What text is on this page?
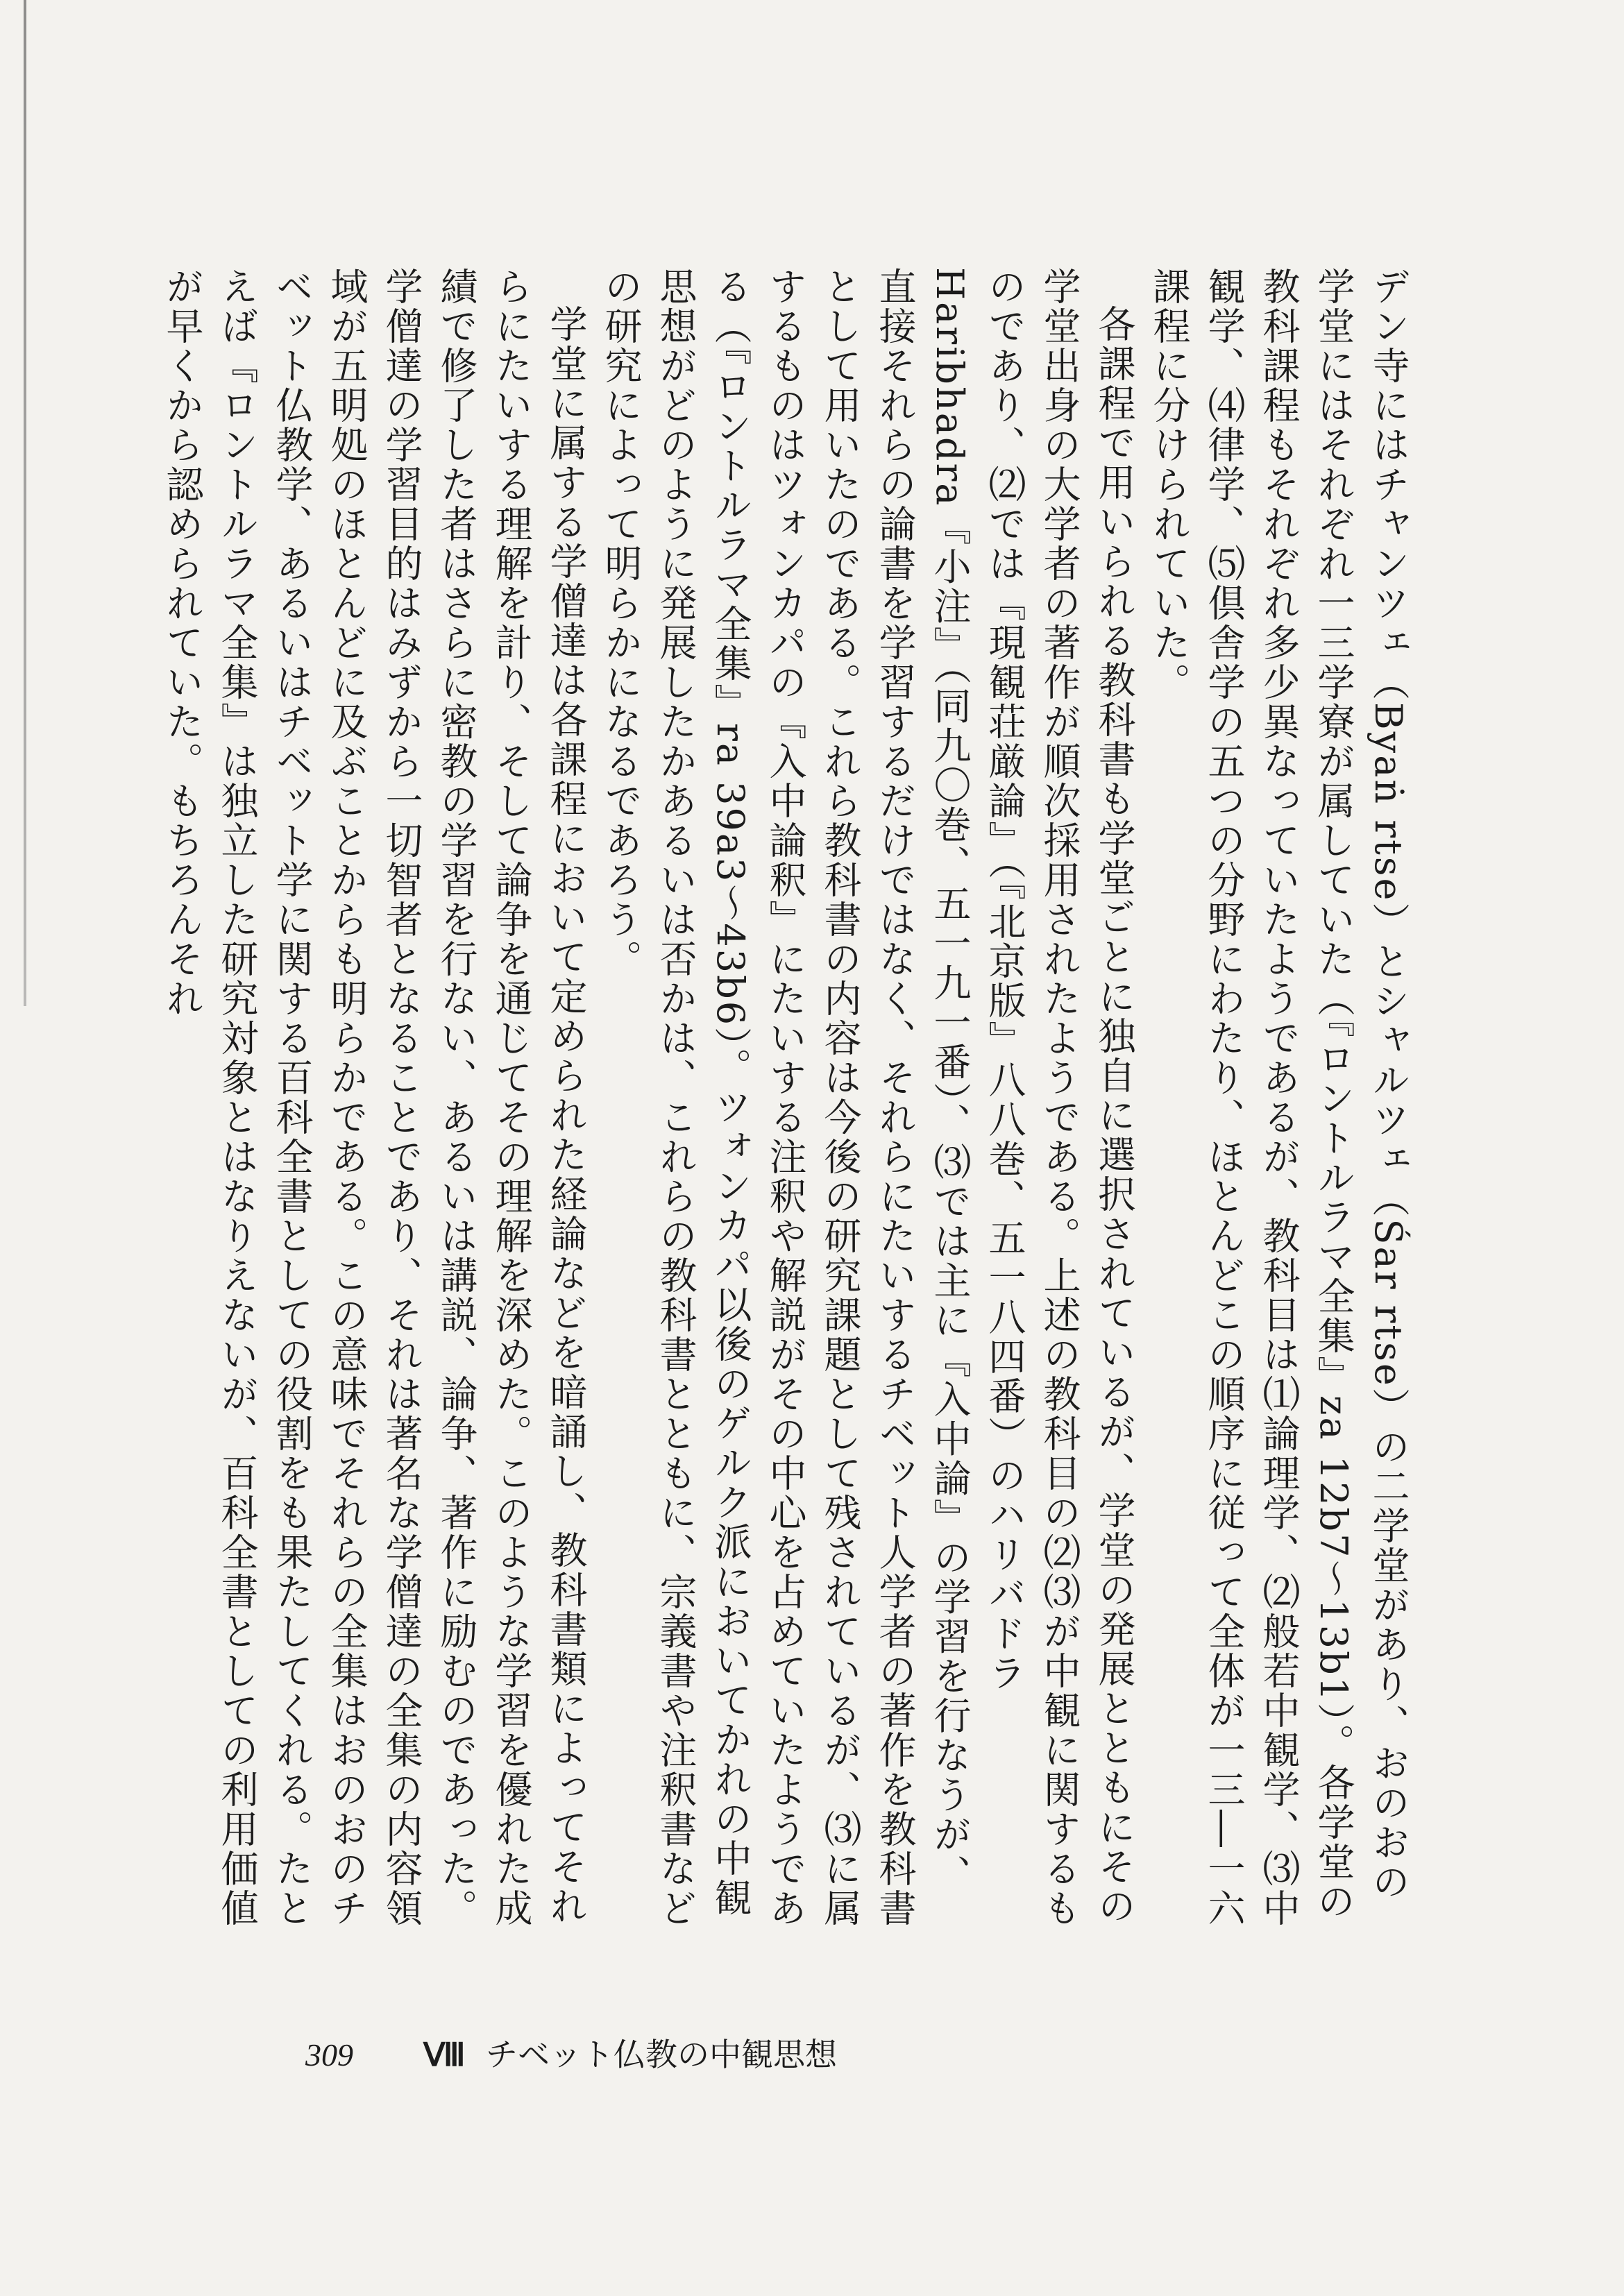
デン寺にはチャンツェ（Byaṅ rtse）とシャルツェ（Śar rtse）の二学堂があり、おのおの学堂にはそれぞれ一三学寮が属していた（『ロントルラマ全集』za 12b7〜13b1）。各学堂の教科課程もそれぞれ多少異なっていたようであるが、教科目は⑴論理学、⑵般若中観学、⑶中観学、⑷律学、⑸倶舎学の五つの分野にわたり、ほとんどこの順序に従って全体が一三―一六課程に分けられていた。

各課程で用いられる教科書も学堂ごとに独自に選択されているが、学堂の発展とともにその学堂出身の大学者の著作が順次採用されたようである。上述の教科目の⑵⑶が中観に関するものであり、⑵では『現観荘厳論』（『北京版』八八巻、五一八四番）のハリバドラ Haribhadra『小注』（同九〇巻、五一九一番）、⑶では主に『入中論』の学習を行なうが、直接それらの論書を学習するだけではなく、それらにたいするチベット人学者の著作を教科書として用いたのである。これら教科書の内容は今後の研究課題として残されているが、⑶に属するものはツォンカパの『入中論釈』にたいする注釈や解説がその中心を占めていたようである（『ロントルラマ全集』ra 39a3〜43b6）。ツォンカパ以後のゲルク派においてかれの中観思想がどのように発展したかあるいは否かは、これらの教科書とともに、宗義書や注釈書などの研究によって明らかになるであろう。

学堂に属する学僧達は各課程において定められた経論などを暗誦し、教科書類によってそれらにたいする理解を計り、そして論争を通じてその理解を深めた。このような学習を優れた成績で修了した者はさらに密教の学習を行ない、あるいは講説、論争、著作に励むのであった。学僧達の学習目的はみずから一切智者となることであり、それは著名な学僧達の全集の内容領域が五明処のほとんどに及ぶことからも明らかである。この意味でそれらの全集はおのおのチベット仏教学、あるいはチベット学に関する百科全書としての役割をも果たしてくれる。たとえば『ロントルラマ全集』は独立した研究対象とはなりえないが、百科全書としての利用価値が早くから認められていた。もちろんそれ

309 Ⅷ チベット仏教の中観思想
